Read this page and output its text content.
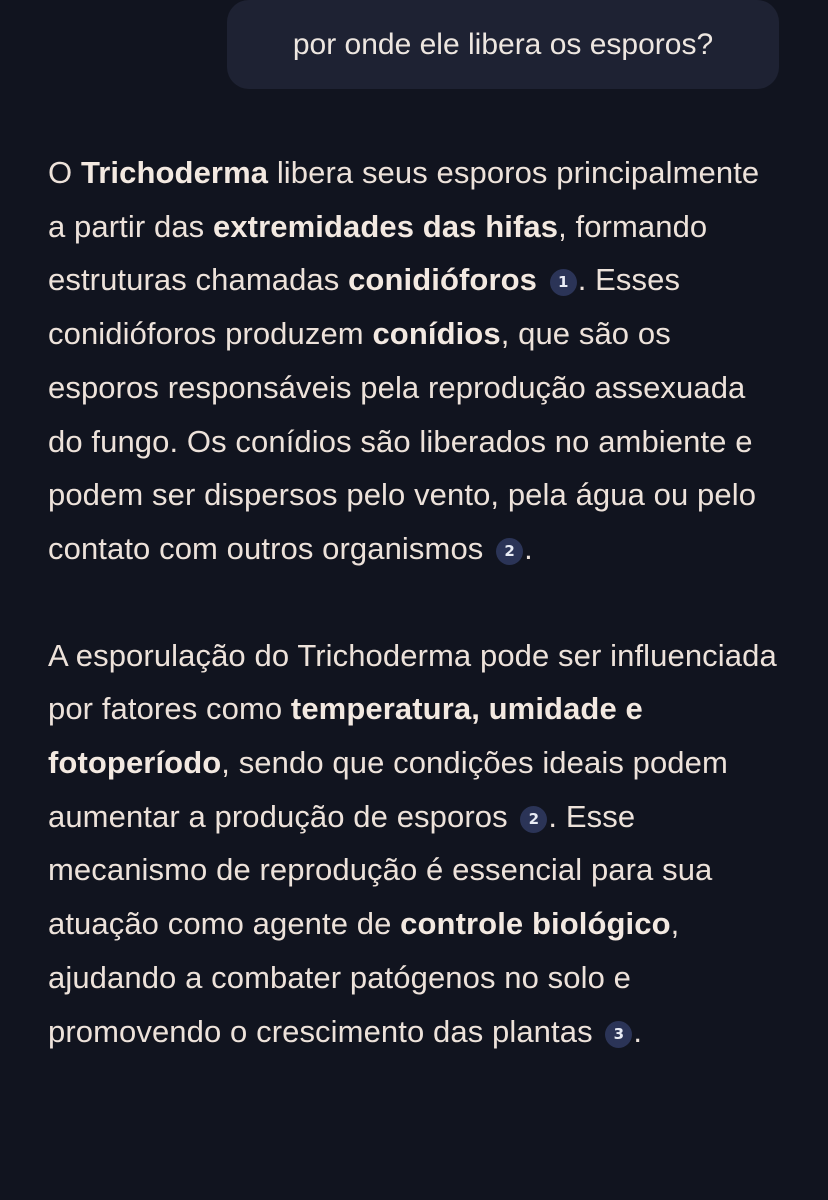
por onde ele libera os esporos?

O Trichoderma libera seus esporos principalmente a partir das extremidades das hifas, formando estruturas chamadas conidióforos 1 . Esses conidióforos produzem conídios, que são os esporos responsáveis pela reprodução assexuada do fungo. Os conídios são liberados no ambiente e podem ser dispersos pelo vento, pela água ou pelo contato com outros organismos 2 .

A esporulação do Trichoderma pode ser influenciada por fatores como temperatura, umidade e fotoperíodo, sendo que condições ideais podem aumentar a produção de esporos 2 . Esse mecanismo de reprodução é essencial para sua atuação como agente de controle biológico, ajudando a combater patógenos no solo e promovendo o crescimento das plantas 3 .
